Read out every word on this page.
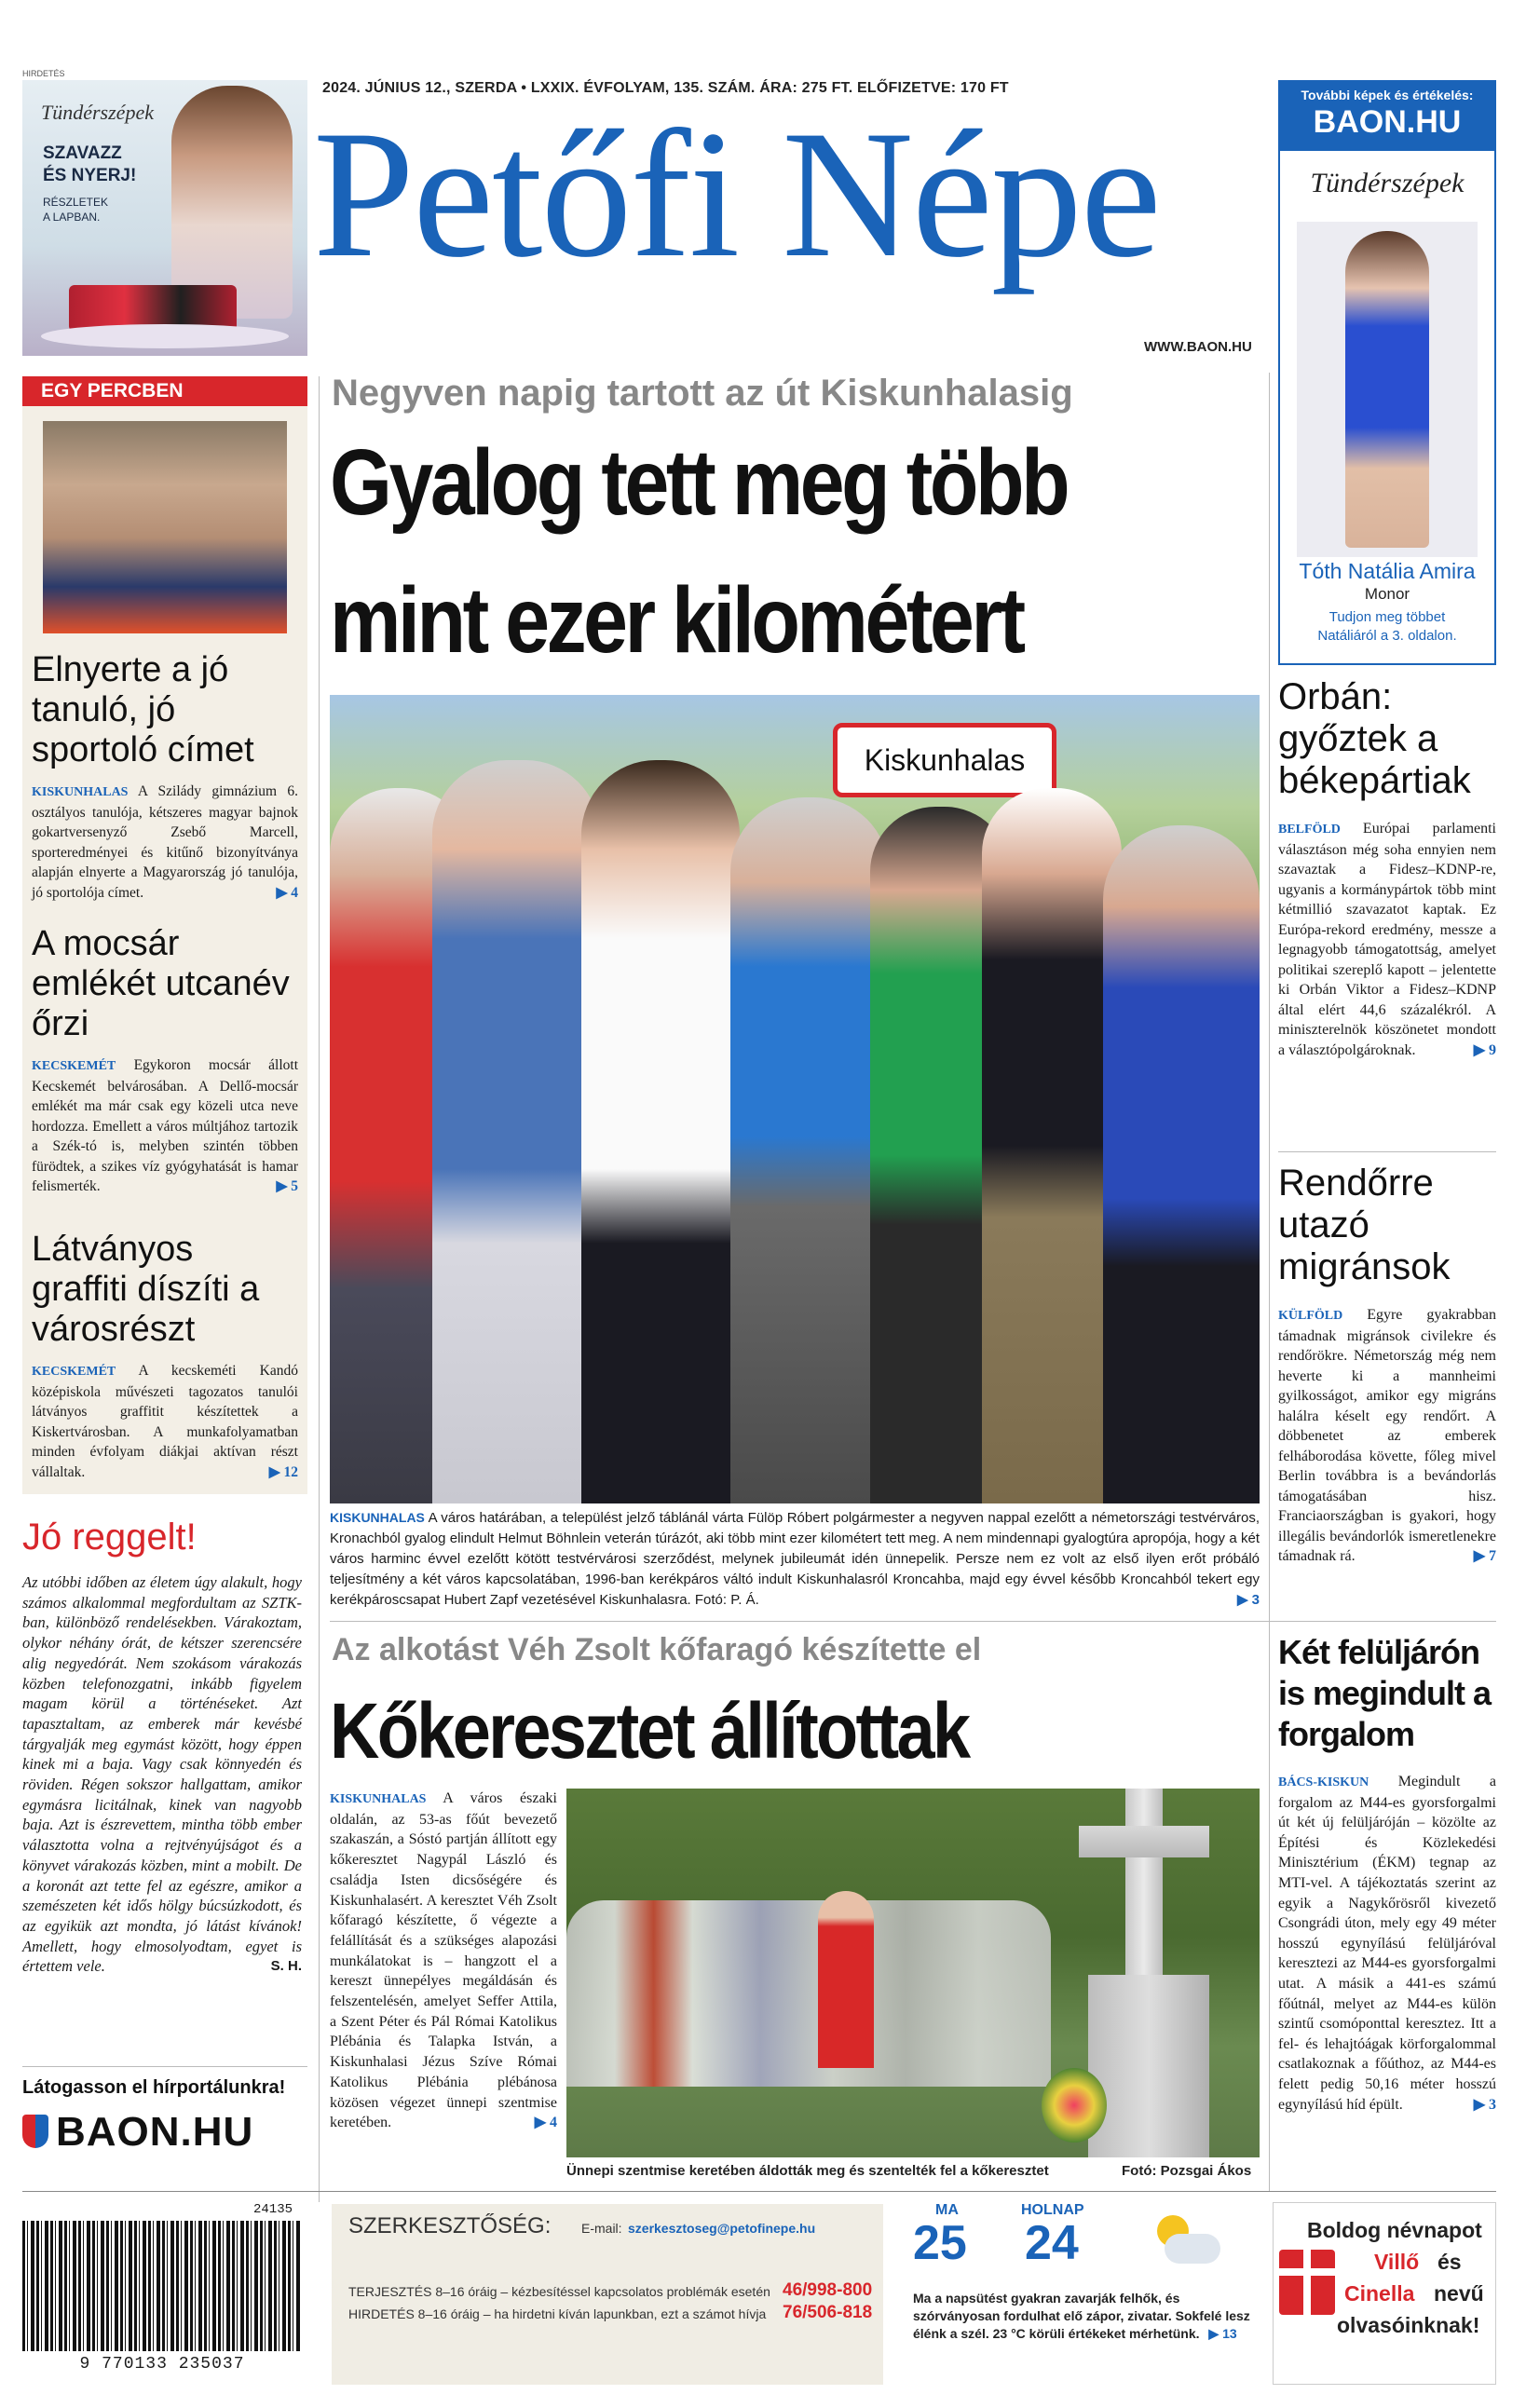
HIRDETÉS
Tündérszépek
SZAVAZZ
ÉS NYERJ!
RÉSZLETEK
A LAPBAN.
2024. JÚNIUS 12., SZERDA • LXXIX. ÉVFOLYAM, 135. SZÁM. ÁRA: 275 FT. ELŐFIZETVE: 170 FT
Petőfi Népe
WWW.BAON.HU
További képek és értékelés:
BAON.HU
Tündérszépek
Tóth Natália Amira
Monor
Tudjon meg többet
Natáliáról a 3. oldalon.
EGY PERCBEN
Elnyerte a jó tanuló, jó sportoló címet
KISKUNHALAS A Szilády gimnázium 6. osztályos tanulója, kétszeres magyar bajnok gokartversenyző Zsebő Marcell, sporteredményei és kitűnő bizonyítványa alapján elnyerte a Magyarország jó tanulója, jó sportolója címet.	▶ 4
A mocsár emlékét utcanév őrzi
KECSKEMÉT Egykoron mocsár állott Kecskemét belvárosában. A Dellő-mocsár emlékét ma már csak egy közeli utca neve hordozza. Emellett a város múltjához tartozik a Szék-tó is, melyben szintén többen fürödtek, a szikes víz gyógyhatását is hamar felismerték.	▶ 5
Látványos graffiti díszíti a városrészt
KECSKEMÉT A kecskeméti Kandó középiskola művészeti tagozatos tanulói látványos graffitit készítettek a Kiskertvárosban. A munkafolyamatban minden évfolyam diákjai aktívan részt vállaltak.	▶ 12
Jó reggelt!
Az utóbbi időben az életem úgy alakult, hogy számos alkalommal megfordultam az SZTK-ban, különböző rendelésekben. Várakoztam, olykor néhány órát, de kétszer szerencsére alig negyedórát. Nem szokásom várakozás közben telefonozgatni, inkább figyelem magam körül a történéseket. Azt tapasztaltam, az emberek már kevésbé tárgyalják meg egymást között, hogy éppen kinek mi a baja. Vagy csak könnyedén és röviden. Régen sokszor hallgattam, amikor egymásra licitálnak, kinek van nagyobb baja. Azt is észrevettem, mintha több ember választotta volna a rejtvényújságot és a könyvet várakozás közben, mint a mobilt. De a koronát azt tette fel az egészre, amikor a szemészeten két idős hölgy búcsúzkodott, és az egyikük azt mondta, jó látást kívánok! Amellett, hogy elmosolyodtam, egyet is értettem vele.	S. H.
Látogasson el hírportálunkra!
BAON.HU
Negyven napig tartott az út Kiskunhalasig
Gyalog tett meg több
mint ezer kilométert
Kiskunhalas
KISKUNHALAS A város határában, a települést jelző táblánál várta Fülöp Róbert polgármester a negyven nappal ezelőtt a németországi testvérváros, Kronachból gyalog elindult Helmut Böhnlein veterán túrázót, aki több mint ezer kilométert tett meg. A nem mindennapi gyalogtúra apropója, hogy a két város harminc évvel ezelőtt kötött testvérvárosi szerződést, melynek jubileumát idén ünnepelik. Persze nem ez volt az első ilyen erőt próbáló teljesítmény a két város kapcsolatában, 1996-ban kerékpáros váltó indult Kiskunhalasról Kroncahba, majd egy évvel később Kroncahból tekert egy kerékpároscsapat Hubert Zapf vezetésével Kiskunhalasra. Fotó: P. Á.	▶ 3
Orbán: győztek a békepártiak
BELFÖLD Európai parlamenti választáson még soha ennyien nem szavaztak a Fidesz–KDNP-re, ugyanis a kormánypártok több mint kétmillió szavazatot kaptak. Ez Európa-rekord eredmény, messze a legnagyobb támogatottság, amelyet politikai szereplő kapott – jelentette ki Orbán Viktor a Fidesz–KDNP által elért 44,6 százalékról. A miniszterelnök köszönetet mondott a választópolgároknak.	▶ 9
Rendőrre utazó migránsok
KÜLFÖLD Egyre gyakrabban támadnak migránsok civilekre és rendőrökre. Németország még nem heverte ki a mannheimi gyilkosságot, amikor egy migráns halálra késelt egy rendőrt. A döbbenetet az emberek felháborodása követte, főleg mivel Berlin továbbra is a bevándorlás támogatásában hisz. Franciaországban is gyakori, hogy illegális bevándorlók ismeretlenekre támadnak rá.	▶ 7
Az alkotást Véh Zsolt kőfaragó készítette el
Kőkeresztet állítottak
KISKUNHALAS A város északi oldalán, az 53-as főút bevezető szakaszán, a Sóstó partján állított egy kőkeresztet Nagypál László és családja Isten dicsőségére és Kiskunhalasért. A keresztet Véh Zsolt kőfaragó készítette, ő végezte a felállítását és a szükséges alapozási munkálatokat is – hangzott el a kereszt ünnepélyes megáldásán és felszentelésén, amelyet Seffer Attila, a Szent Péter és Pál Római Katolikus Plébánia és Talapka István, a Kiskunhalasi Jézus Szíve Római Katolikus Plébánia plébánosa közösen végezet ünnepi szentmise keretében.	▶ 4
Ünnepi szentmise keretében áldották meg és szentelték fel a kőkeresztet	Fotó: Pozsgai Ákos
Két felüljárón is megindult a forgalom
BÁCS-KISKUN Megindult a forgalom az M44-es gyorsforgalmi út két új felüljáróján – közölte az Építési és Közlekedési Minisztérium (ÉKM) tegnap az MTI-vel. A tájékoztatás szerint az egyik a Nagykőrösről kivezető Csongrádi úton, mely egy 49 méter hosszú egynyílású felüljáróval keresztezi az M44-es gyorsforgalmi utat. A másik a 441-es számú főútnál, melyet az M44-es külön szintű csomóponttal keresztez. Itt a fel- és lehajtóágak körforgalommal csatlakoznak a főúthoz, az M44-es felett pedig 50,16 méter hosszú egynyílású híd épült.	▶ 3
24135
9 770133 235037
SZERKESZTŐSÉG: E-mail: szerkesztoseg@petofinepe.hu
TERJESZTÉS 8–16 óráig – kézbesítéssel kapcsolatos problémák esetén 46/998-800
HIRDETÉS 8–16 óráig – ha hirdetni kíván lapunkban, ezt a számot hívja 76/506-818
MA
25
HOLNAP
24
Ma a napsütést gyakran zavarják felhők, és szórványosan fordulhat elő zápor, zivatar. Sokfelé lesz élénk a szél. 23 °C körüli értékeket mérhetünk. ▶ 13
Boldog névnapot
Villő és
Cinella nevű
olvasóinknak!
